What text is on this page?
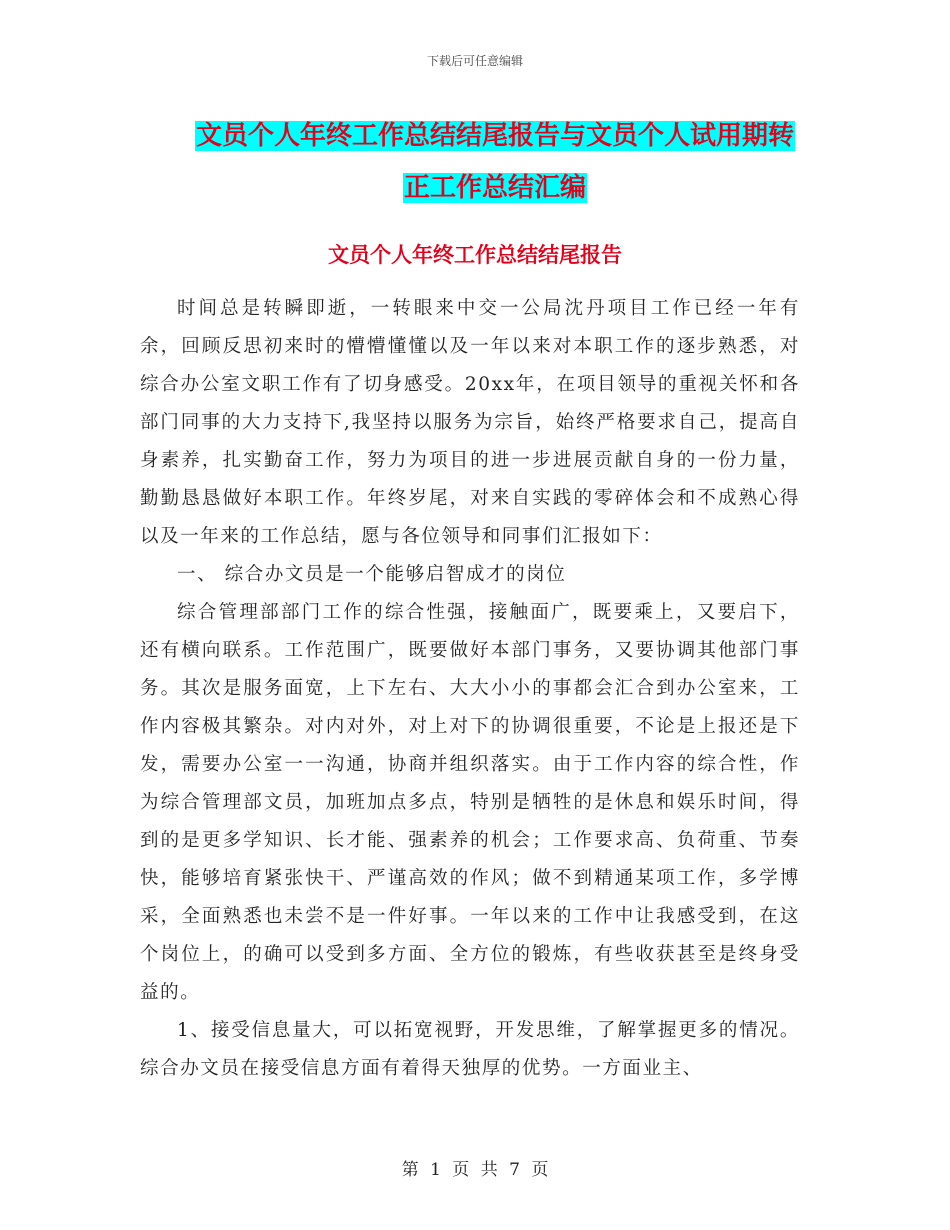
下载后可任意编辑
文员个人年终工作总结结尾报告与文员个人试用期转
正工作总结汇编
文员个人年终工作总结结尾报告

时间总是转瞬即逝，一转眼来中交一公局沈丹项目工作已经一年有余，回顾反思初来时的懵懵懂懂以及一年以来对本职工作的逐步熟悉，对综合办公室文职工作有了切身感受。20xx年，在项目领导的重视关怀和各部门同事的大力支持下,我坚持以服务为宗旨，始终严格要求自己，提高自身素养，扎实勤奋工作，努力为项目的进一步进展贡献自身的一份力量，勤勤恳恳做好本职工作。年终岁尾，对来自实践的零碎体会和不成熟心得以及一年来的工作总结，愿与各位领导和同事们汇报如下：

一、 综合办文员是一个能够启智成才的岗位

综合管理部部门工作的综合性强，接触面广，既要乘上，又要启下，还有横向联系。工作范围广，既要做好本部门事务，又要协调其他部门事务。其次是服务面宽，上下左右、大大小小的事都会汇合到办公室来，工作内容极其繁杂。对内对外，对上对下的协调很重要，不论是上报还是下发，需要办公室一一沟通，协商并组织落实。由于工作内容的综合性，作为综合管理部文员，加班加点多点，特别是牺牲的是休息和娱乐时间，得到的是更多学知识、长才能、强素养的机会；工作要求高、负荷重、节奏快，能够培育紧张快干、严谨高效的作风；做不到精通某项工作，多学博采，全面熟悉也未尝不是一件好事。一年以来的工作中让我感受到，在这个岗位上，的确可以受到多方面、全方位的锻炼，有些收获甚至是终身受益的。

1、接受信息量大，可以拓宽视野，开发思维，了解掌握更多的情况。综合办文员在接受信息方面有着得天独厚的优势。一方面业主、

第 1 页 共 7 页
